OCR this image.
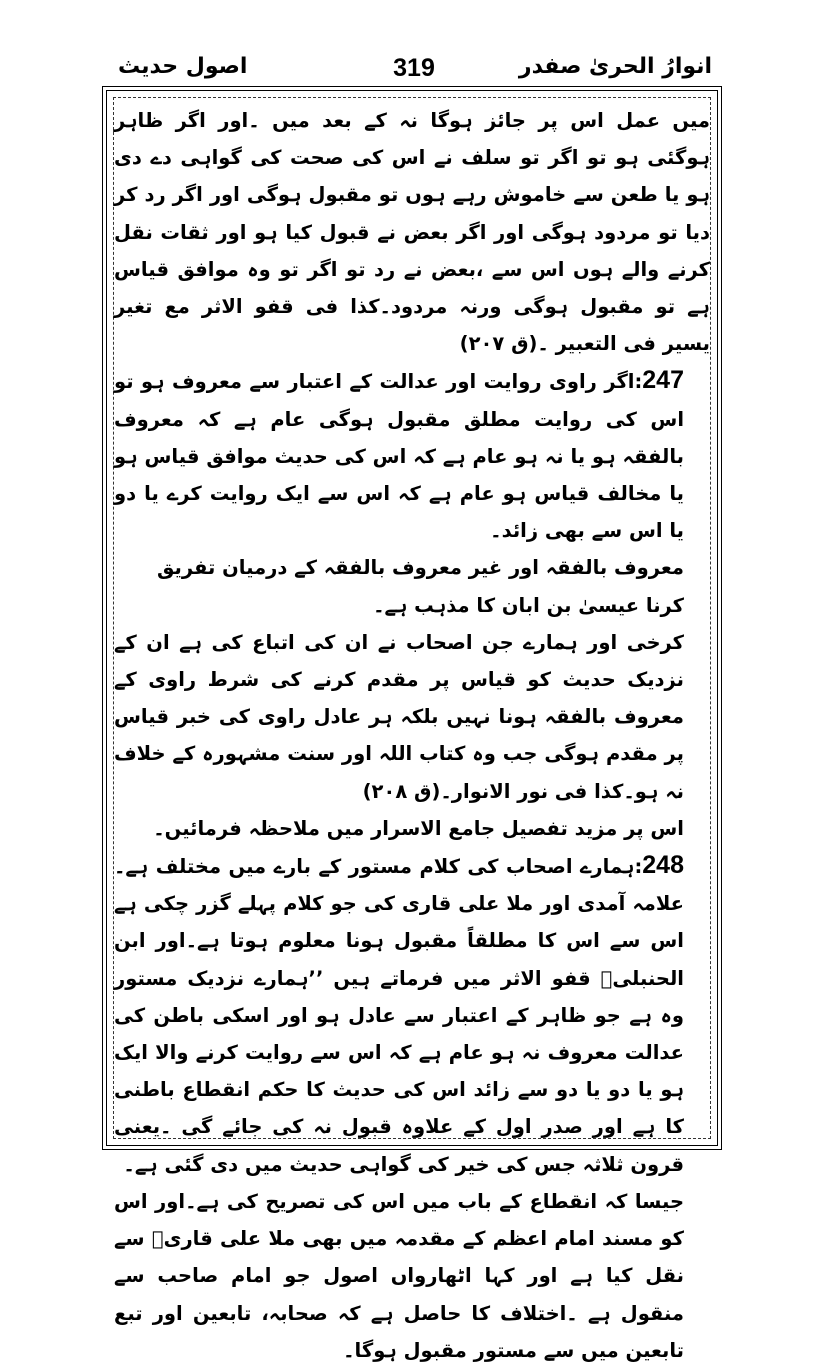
اصول حدیث	319	انوارُ الحریٰ صفدر

میں عمل اس پر جائز ہوگا نہ کے بعد میں ۔اور اگر ظاہر ہوگئی ہو تو اگر تو سلف نے اس کی صحت کی گواہی دے دی ہو یا طعن سے خاموش رہے ہوں تو مقبول ہوگی اور اگر رد کر دیا تو مردود ہوگی اور اگر بعض نے قبول کیا ہو اور ثقات نقل کرنے والے ہوں اس سے ،بعض نے رد تو اگر تو وہ موافق قیاس ہے تو مقبول ہوگی ورنہ مردود۔کذا فی قفو الاثر مع تغیر یسیر فی التعبیر ۔(ق ۲۰۷)

247:اگر راوی روایت اور عدالت کے اعتبار سے معروف ہو تو اس کی روایت مطلق مقبول ہوگی عام ہے کہ معروف بالفقہ ہو یا نہ ہو عام ہے کہ اس کی حدیث موافق قیاس ہو یا مخالف قیاس ہو عام ہے کہ اس سے ایک روایت کرے یا دو یا اس سے بھی زائد۔

معروف بالفقہ اور غیر معروف بالفقہ کے درمیان تفریق کرنا عیسیٰ بن ابان کا مذہب ہے۔

کرخی اور ہمارے جن اصحاب نے ان کی اتباع کی ہے ان کے نزدیک حدیث کو قیاس پر مقدم کرنے کی شرط راوی کے معروف بالفقہ ہونا نہیں بلکہ ہر عادل راوی کی خبر قیاس پر مقدم ہوگی جب وہ کتاب اللہ اور سنت مشہورہ کے خلاف نہ ہو۔کذا فی نور الانوار۔(ق ۲۰۸)

اس پر مزید تفصیل جامع الاسرار میں ملاحظہ فرمائیں۔

248:ہمارے اصحاب کی کلام مستور کے بارے میں مختلف ہے۔علامہ آمدی اور ملا علی قاری کی جو کلام پہلے گزر چکی ہے اس سے اس کا مطلقاً مقبول ہونا معلوم ہوتا ہے۔اور ابن الحنبلیؒ قفو الاثر میں فرماتے ہیں ’’ہمارے نزدیک مستور وہ ہے جو ظاہر کے اعتبار سے عادل ہو اور اسکی باطن کی عدالت معروف نہ ہو عام ہے کہ اس سے روایت کرنے والا ایک ہو یا دو یا دو سے زائد اس کی حدیث کا حکم انقطاع باطنی کا ہے اور صدر اول کے علاوہ قبول نہ کی جائے گی ۔یعنی قرون ثلاثہ جس کی خیر کی گواہی حدیث میں دی گئی ہے۔

جیسا کہ انقطاع کے باب میں اس کی تصریح کی ہے۔اور اس کو مسند امام اعظم کے مقدمہ میں بھی ملا علی قاریؒ سے نقل کیا ہے اور کہا اٹھارواں اصول جو امام صاحب سے منقول ہے ۔اختلاف کا حاصل ہے کہ صحابہ، تابعین اور تبع تابعین میں سے مستور مقبول ہوگا۔
